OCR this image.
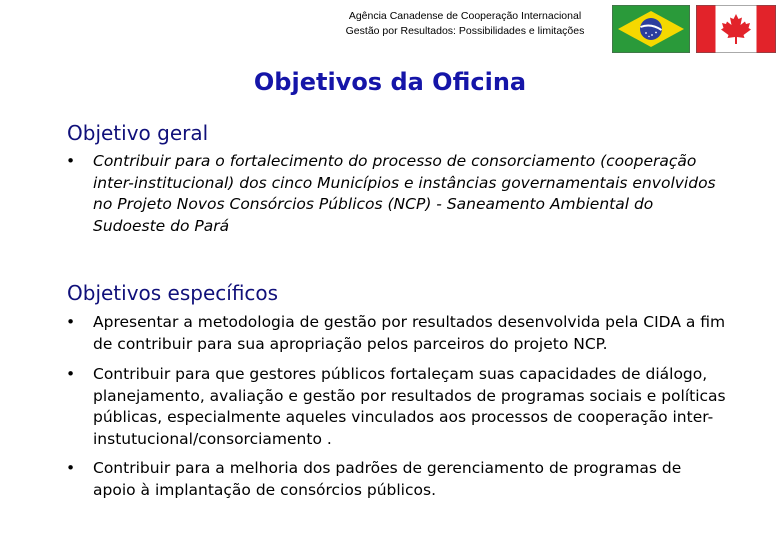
Agência Canadense de Cooperação Internacional
Gestão por Resultados: Possibilidades e limitações
Objetivos da Oficina
Objetivo geral
•	Contribuir para o fortalecimento do processo de consorciamento (cooperação inter-institucional) dos cinco Municípios e instâncias governamentais envolvidos no Projeto Novos Consórcios Públicos (NCP) - Saneamento Ambiental do Sudoeste do Pará
Objetivos específicos
•	Apresentar a metodologia de gestão por resultados desenvolvida pela CIDA a fim de contribuir para sua apropriação pelos parceiros do projeto NCP.
•	Contribuir para que gestores públicos fortaleçam suas capacidades de diálogo, planejamento, avaliação e gestão por resultados de programas sociais e políticas públicas, especialmente aqueles vinculados aos processos de cooperação inter-instutucional/consorciamento .
•	Contribuir para a melhoria dos padrões de gerenciamento de programas de apoio à implantação de consórcios públicos.
